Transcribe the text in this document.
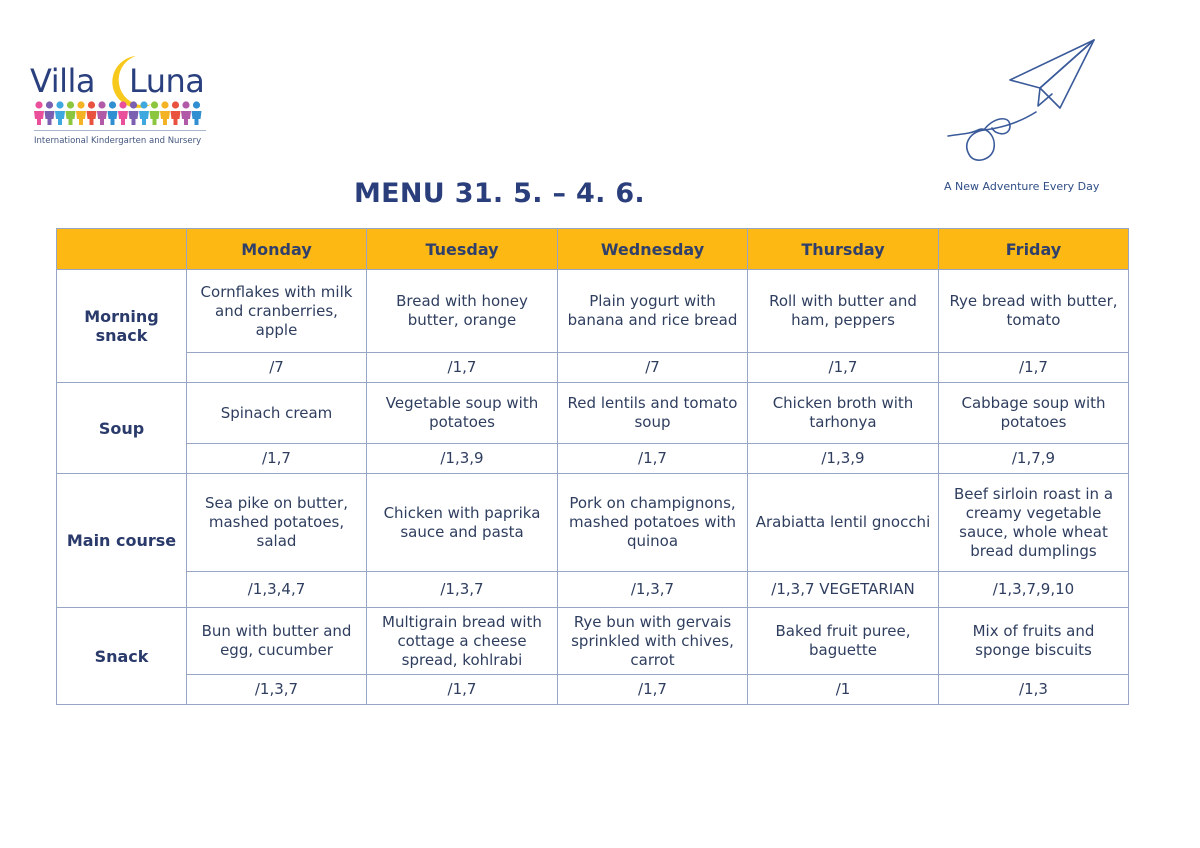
Villa Luna
International Kindergarten and Nursery
A New Adventure Every Day
MENU 31. 5. – 4. 6.
	Monday	Tuesday	Wednesday	Thursday	Friday
Morning snack	Cornflakes with milk and cranberries, apple	Bread with honey butter, orange	Plain yogurt with banana and rice bread	Roll with butter and ham, peppers	Rye bread with butter, tomato
	/7	/1,7	/7	/1,7	/1,7
Soup	Spinach cream	Vegetable soup with potatoes	Red lentils and tomato soup	Chicken broth with tarhonya	Cabbage soup with potatoes
	/1,7	/1,3,9	/1,7	/1,3,9	/1,7,9
Main course	Sea pike on butter, mashed potatoes, salad	Chicken with paprika sauce and pasta	Pork on champignons, mashed potatoes with quinoa	Arabiatta lentil gnocchi	Beef sirloin roast in a creamy vegetable sauce, whole wheat bread dumplings
	/1,3,4,7	/1,3,7	/1,3,7	/1,3,7 VEGETARIAN	/1,3,7,9,10
Snack	Bun with butter and egg, cucumber	Multigrain bread with cottage a cheese spread, kohlrabi	Rye bun with gervais sprinkled with chives, carrot	Baked fruit puree, baguette	Mix of fruits and sponge biscuits
	/1,3,7	/1,7	/1,7	/1	/1,3
